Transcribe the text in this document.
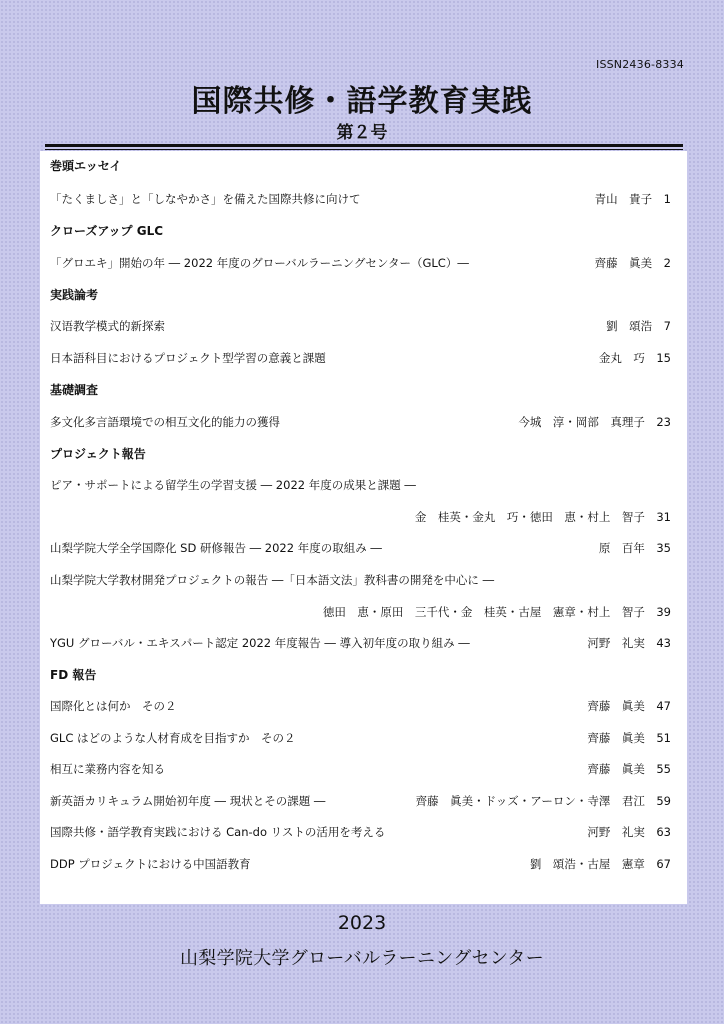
ISSN2436-8334
国際共修・語学教育実践
第２号
巻頭エッセイ
「たくましさ」と「しなやかさ」を備えた国際共修に向けて	青山　貴子　 1
クローズアップ GLC
「グロエキ」開始の年 ― 2022 年度のグローバルラーニングセンター（GLC）―	齊藤　眞美　 2
実践論考
汉语教学模式的新探索	劉　頌浩　 7
日本語科目におけるプロジェクト型学習の意義と課題	金丸　巧　 15
基礎調査
多文化多言語環境での相互文化的能力の獲得	今城　淳・岡部　真理子　 23
プロジェクト報告
ピア・サポートによる留学生の学習支援 ― 2022 年度の成果と課題 ―
金　桂英・金丸　巧・徳田　恵・村上　智子　 31
山梨学院大学全学国際化 SD 研修報告 ― 2022 年度の取組み ―	原　百年　 35
山梨学院大学教材開発プロジェクトの報告 ―「日本語文法」教科書の開発を中心に ―
徳田　恵・原田　三千代・金　桂英・古屋　憲章・村上　智子　 39
YGU グローバル・エキスパート認定 2022 年度報告 ― 導入初年度の取り組み ―	河野　礼実　 43
FD 報告
国際化とは何か　その２	齊藤　眞美　 47
GLC はどのような人材育成を目指すか　その２	齊藤　眞美　 51
相互に業務内容を知る	齊藤　眞美　 55
新英語カリキュラム開始初年度 ― 現状とその課題 ―	齊藤　眞美・ドッズ・アーロン・寺澤　君江　 59
国際共修・語学教育実践における Can-do リストの活用を考える	河野　礼実　 63
DDP プロジェクトにおける中国語教育	劉　頌浩・古屋　憲章　 67
2023
山梨学院大学グローバルラーニングセンター
